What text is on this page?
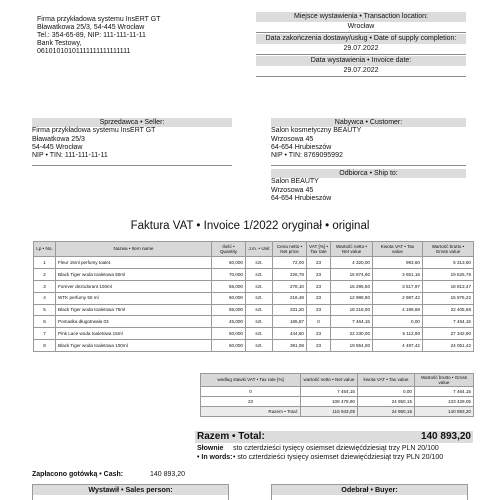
Firma przykładowa systemu InsERT GT
Bławatkowa 25/3, 54-445 Wrocław
Tel.: 354-65-89, NIP: 111-111-11-11
Bank Testowy,
06101010101111111111111111
Miejsce wystawienia • Transaction location:
Wrocław
Data zakończenia dostawy/usług • Date of supply completion:
29.07.2022
Data wystawienia • Invoice date:
29.07.2022
Sprzedawca • Seller:
Firma przykładowa systemu InsERT GT
Bławatkowa 25/3
54-445 Wrocław
NIP • TIN: 111-111-11-11
Nabywca • Customer:
Salon kosmetyczny BEAUTY
Wrzosowa 45
64-654 Hrubieszów
NIP • TIN: 8769095992
Odbiorca • Ship to:
Salon BEAUTY
Wrzosowa 45
64-654 Hrubieszów
Faktura VAT • Invoice 1/2022 oryginał • original
Lp • No.	Nazwa • Item name	Ilość • Quantity	J.m. • Unit	Cena netto • Net price	VAT [%] • Tax rate	Wartość netto • Net value	Kwota VAT • Tax value	Wartość brutto • Gross value
1	Fleur 15ml perfumy toalet.	60,000	szt.	72,00	23	4 320,00	993,60	5 313,60
2	Black Tiger woda toaletowa 50ml	70,000	szt.	226,78	23	15 874,60	3 651,16	19 525,76
3	Forever dezodorant 100ml	55,000	szt.	278,10	23	15 295,50	3 517,97	18 813,47
4	WTK perfumy 50 ml	60,000	szt.	216,48	23	12 988,80	2 987,42	15 976,22
5	Black Tiger woda toaletowa 75ml	55,000	szt.	331,20	23	18 216,00	4 189,68	22 405,68
6	Pomadka długotrwała 03	45,000	szt.	165,87	0	7 464,15	0,00	7 464,15
7	Pink Lace woda toaletowa 15ml	50,000	szt.	444,60	23	22 230,00	5 112,90	27 342,90
8	Black Tiger woda toaletowa 100ml	50,000	szt.	391,08	23	19 554,00	4 497,42	24 051,42
według stawki VAT • Tax rate [%]	wartość netto • Net value	kwota VAT • Tax value	Wartość brutto • Gross value
0	7 464,15	0,00	7 464,15
23	108 478,90	24 950,15	133 429,05
Razem • Total:	115 943,05	24 950,15	140 893,20
Razem • Total:	140 893,20
Słownie
• In words:
sto czterdzieści tysięcy osiemset dziewięćdziesiąt trzy PLN 20/100
• sto czterdzieści tysięcy osiemset dziewięćdziesiąt trzy PLN 20/100
Zapłacono gotówką • Cash:	140 893,20
Wystawił • Sales person:	Odebrał • Buyer:
